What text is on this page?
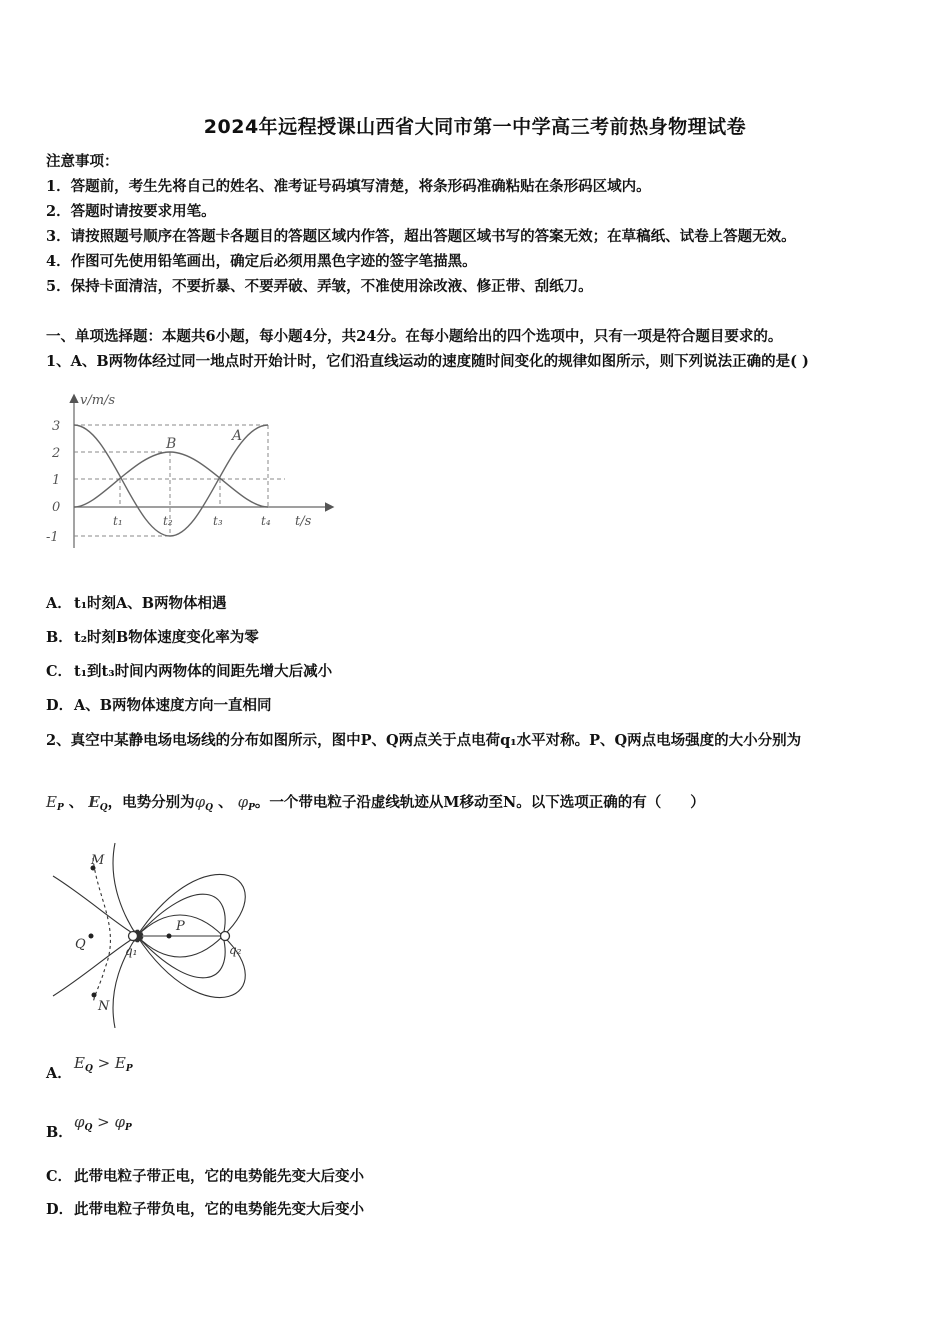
2024年远程授课山西省大同市第一中学高三考前热身物理试卷
注意事项：
1．答题前，考生先将自己的姓名、准考证号码填写清楚，将条形码准确粘贴在条形码区域内。
2．答题时请按要求用笔。
3．请按照题号顺序在答题卡各题目的答题区域内作答，超出答题区域书写的答案无效；在草稿纸、试卷上答题无效。
4．作图可先使用铅笔画出，确定后必须用黑色字迹的签字笔描黑。
5．保持卡面清洁，不要折暴、不要弄破、弄皱，不准使用涂改液、修正带、刮纸刀。
一、单项选择题：本题共6小题，每小题4分，共24分。在每小题给出的四个选项中，只有一项是符合题目要求的。
1、A、B两物体经过同一地点时开始计时，它们沿直线运动的速度随时间变化的规律如图所示，则下列说法正确的是( )
v/m/s
t/s
3
2
1
0
-1
t₁	t₂	t₃	t₄
A
B
A． t₁时刻A、B两物体相遇
B．t₂时刻B物体速度变化率为零
C． t₁到t₃时间内两物体的间距先增大后减小
D．A、B两物体速度方向一直相同
2、真空中某静电场电场线的分布如图所示，图中P、Q两点关于点电荷q₁水平对称。P、Q两点电场强度的大小分别为
$E_P$ 、 $E_Q$，电势分别为$\varphi_Q$ 、 $\varphi_P$。一个带电粒子沿虚线轨迹从M移动至N。以下选项正确的有（　　）
M
N
P
Q	q₁	q₂
A．$E_Q > E_P$
B．$\varphi_Q > \varphi_P$
C． 此带电粒子带正电，它的电势能先变大后变小
D．此带电粒子带负电，它的电势能先变大后变小
